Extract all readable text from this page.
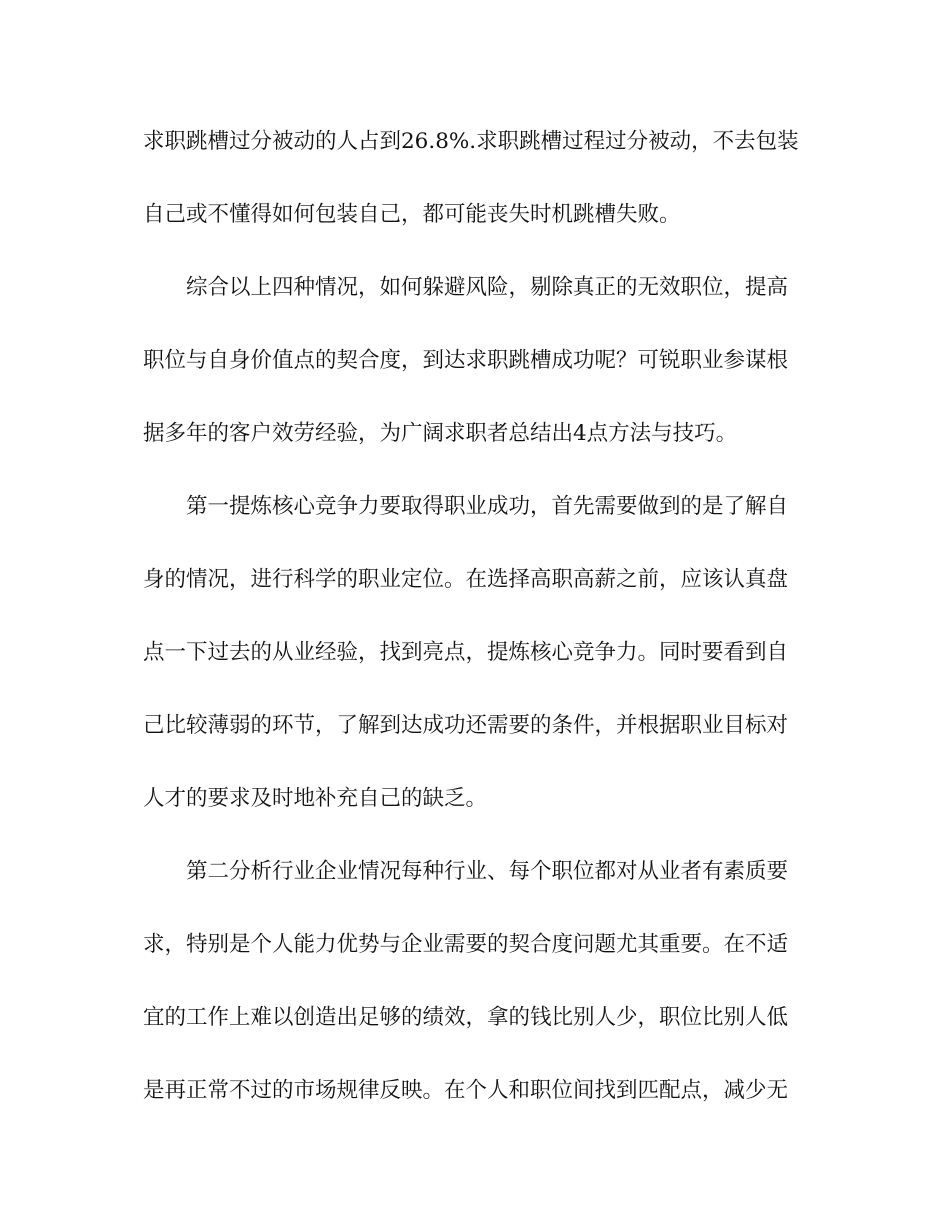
求职跳槽过分被动的人占到26.8%.求职跳槽过程过分被动，不去包装
自己或不懂得如何包装自己，都可能丧失时机跳槽失败。
综合以上四种情况，如何躲避风险，剔除真正的无效职位，提高
职位与自身价值点的契合度，到达求职跳槽成功呢？可锐职业参谋根
据多年的客户效劳经验，为广阔求职者总结出4点方法与技巧。
第一提炼核心竞争力要取得职业成功，首先需要做到的是了解自
身的情况，进行科学的职业定位。在选择高职高薪之前，应该认真盘
点一下过去的从业经验，找到亮点，提炼核心竞争力。同时要看到自
己比较薄弱的环节，了解到达成功还需要的条件，并根据职业目标对
人才的要求及时地补充自己的缺乏。
第二分析行业企业情况每种行业、每个职位都对从业者有素质要
求，特别是个人能力优势与企业需要的契合度问题尤其重要。在不适
宜的工作上难以创造出足够的绩效，拿的钱比别人少，职位比别人低
是再正常不过的市场规律反映。在个人和职位间找到匹配点，减少无
